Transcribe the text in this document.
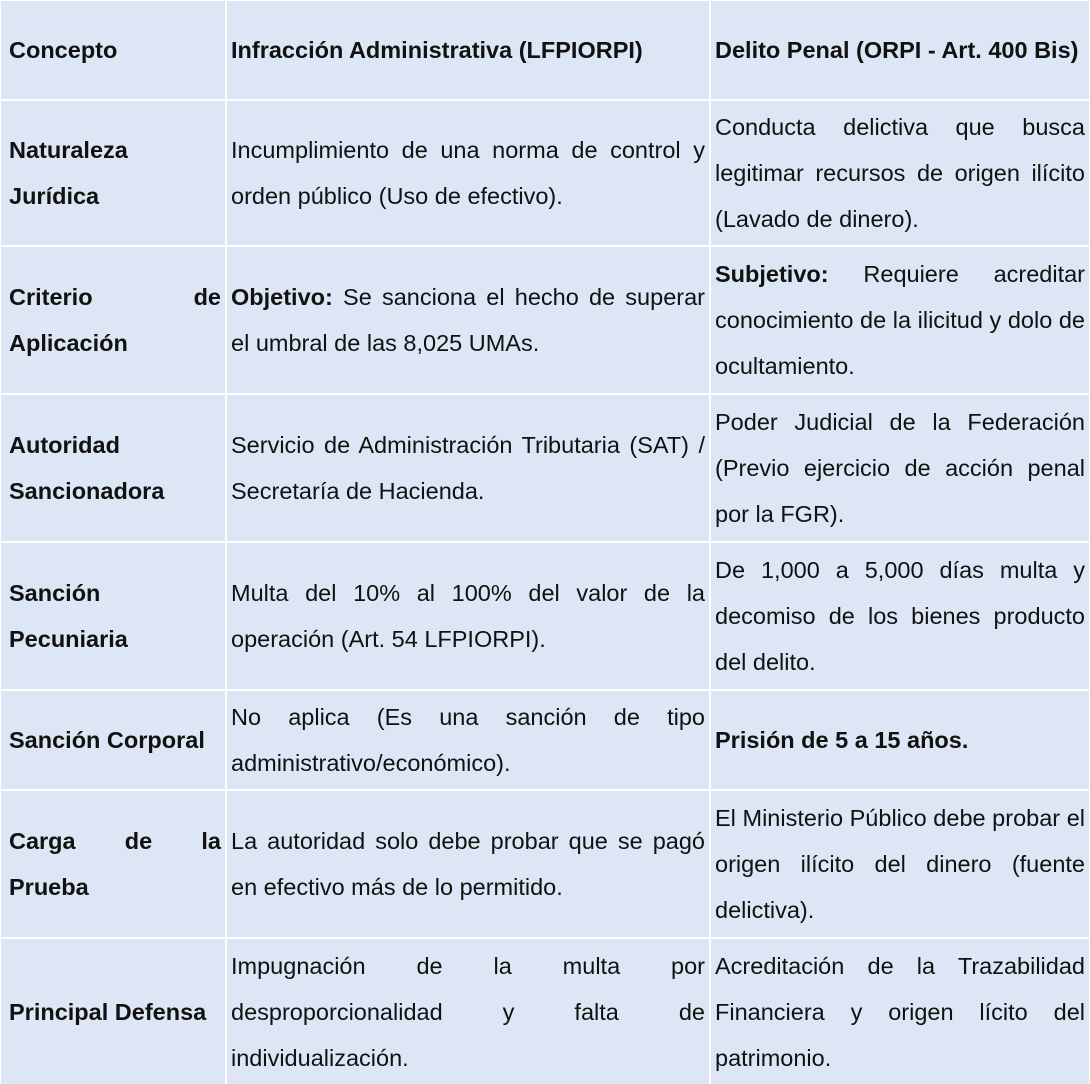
Concepto	Infracción Administrativa (LFPIORPI)	Delito Penal (ORPI - Art. 400 Bis)
Naturaleza Jurídica	Incumplimiento de una norma de control y orden público (Uso de efectivo).	Conducta delictiva que busca legitimar recursos de origen ilícito (Lavado de dinero).
Criterio de Aplicación	Objetivo: Se sanciona el hecho de superar el umbral de las 8,025 UMAs.	Subjetivo: Requiere acreditar conocimiento de la ilicitud y dolo de ocultamiento.
Autoridad Sancionadora	Servicio de Administración Tributaria (SAT) / Secretaría de Hacienda.	Poder Judicial de la Federación (Previo ejercicio de acción penal por la FGR).
Sanción Pecuniaria	Multa del 10% al 100% del valor de la operación (Art. 54 LFPIORPI).	De 1,000 a 5,000 días multa y decomiso de los bienes producto del delito.
Sanción Corporal	No aplica (Es una sanción de tipo administrativo/económico).	Prisión de 5 a 15 años.
Carga de la Prueba	La autoridad solo debe probar que se pagó en efectivo más de lo permitido.	El Ministerio Público debe probar el origen ilícito del dinero (fuente delictiva).
Principal Defensa	Impugnación de la multa por desproporcionalidad y falta de individualización.	Acreditación de la Trazabilidad Financiera y origen lícito del patrimonio.
